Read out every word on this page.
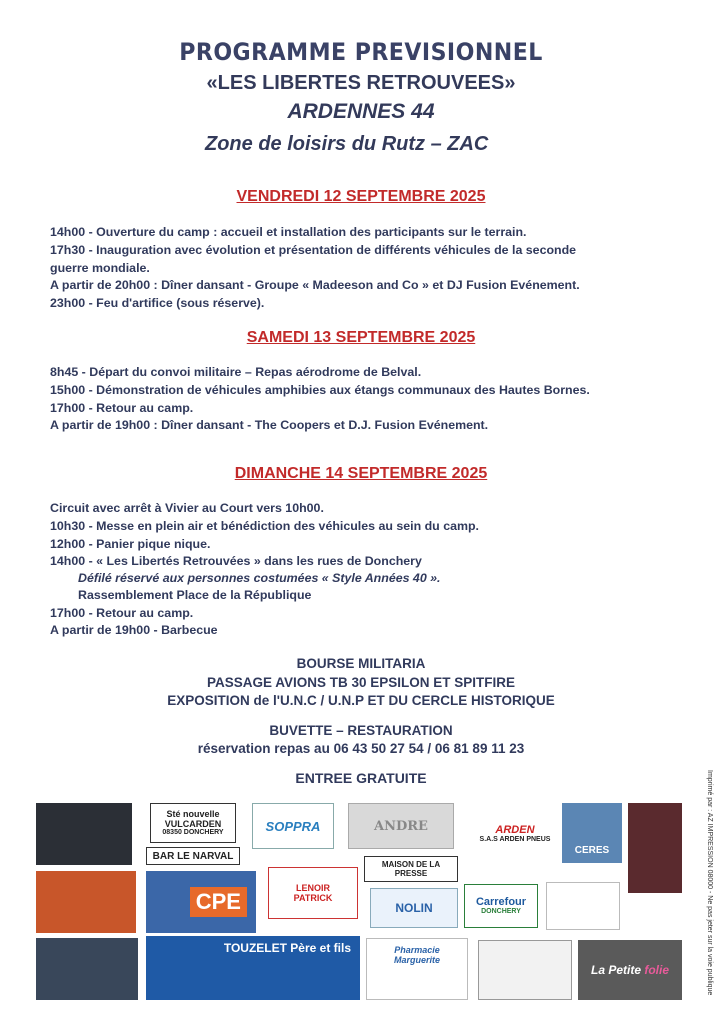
PROGRAMME PREVISIONNEL
«LES LIBERTES RETROUVEES»
ARDENNES 44
Zone de loisirs du Rutz – ZAC
VENDREDI 12 SEPTEMBRE 2025
14h00 - Ouverture du camp : accueil et installation des participants sur le terrain.
17h30 - Inauguration avec évolution et présentation de différents véhicules de la seconde
guerre mondiale.
A partir de 20h00 : Dîner dansant - Groupe « Madeeson and Co » et DJ Fusion Evénement.
23h00 - Feu d'artifice (sous réserve).
SAMEDI 13 SEPTEMBRE 2025
8h45 - Départ du convoi militaire – Repas aérodrome de Belval.
15h00 - Démonstration de véhicules amphibies aux étangs communaux des Hautes Bornes.
17h00 - Retour au camp.
A partir de 19h00 : Dîner dansant - The Coopers et D.J. Fusion Evénement.
DIMANCHE 14 SEPTEMBRE 2025
Circuit avec arrêt à Vivier au Court vers 10h00.
10h30 - Messe en plein air et bénédiction des véhicules au sein du camp.
12h00 - Panier pique nique.
14h00 - « Les Libertés Retrouvées » dans les rues de Donchery
Défilé réservé aux personnes costumées « Style Années 40 ».
Rassemblement Place de la République
17h00 - Retour au camp.
A partir de 19h00 - Barbecue
BOURSE MILITARIA
PASSAGE AVIONS TB 30 EPSILON ET SPITFIRE
EXPOSITION de l'U.N.C / U.N.P ET DU CERCLE HISTORIQUE
BUVETTE – RESTAURATION
réservation repas au 06 43 50 27 54 / 06 81 89 11 23
ENTREE GRATUITE	Imprimé par : AZ IMPRESSION 08000 - Ne pas jeter sur la voie publique
Sté nouvelle
VULCARDEN
08350 DONCHERY
BAR LE NARVAL
SOPPRA	ANDRE	ARDEN
S.A.S ARDEN PNEUS
CERES
CPE
LENOIR
PATRICK
MAISON DE LA PRESSE
NOLIN	Carrefour
DONCHERY
TOUZELET Père et fils	Pharmacie
Marguerite
La Petite folie
